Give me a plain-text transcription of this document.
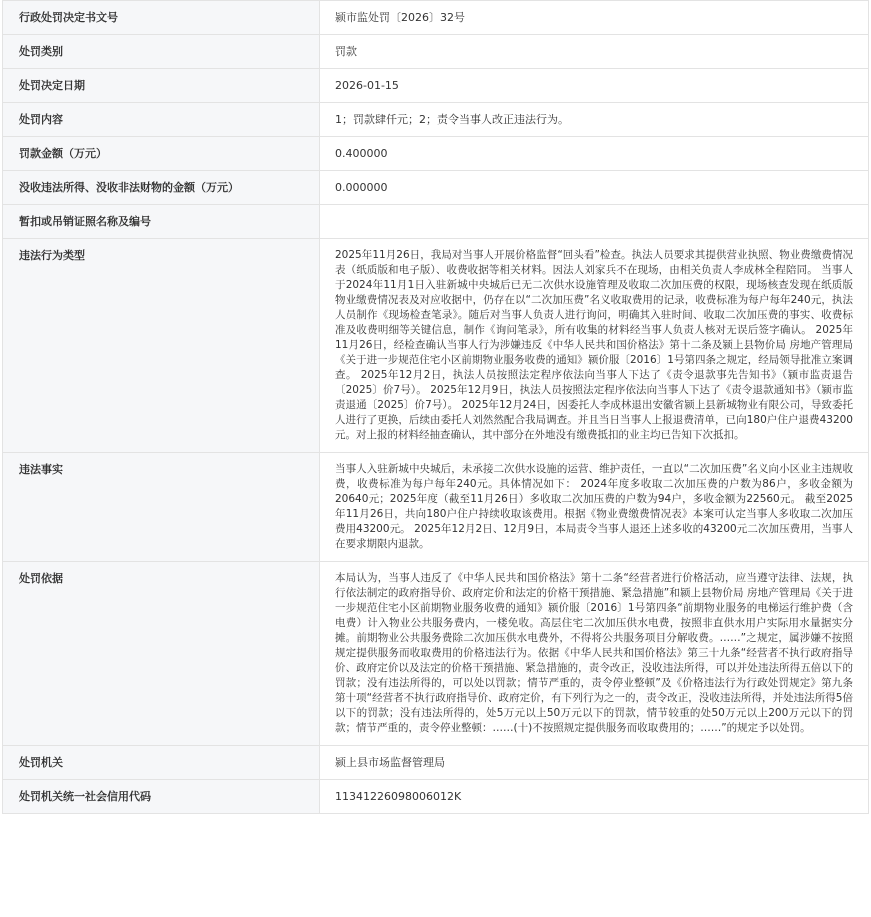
行政处罚决定书文号	颍市监处罚〔2026〕32号
处罚类别	罚款
处罚决定日期	2026-01-15
处罚内容	1；罚款肆仟元；2；责令当事人改正违法行为。
罚款金额（万元）	0.400000
没收违法所得、没收非法财物的金额（万元）	0.000000
暂扣或吊销证照名称及编号	
违法行为类型	2025年11月26日，我局对当事人开展价格监督“回头看”检查。执法人员要求其提供营业执照、物业费缴费情况表（纸质版和电子版）、收费收据等相关材料。因法人刘家兵不在现场，由相关负责人李成林全程陪同。 当事人于2024年11月1日入驻新城中央城后已无二次供水设施管理及收取二次加压费的权限，现场核查发现在纸质版物业缴费情况表及对应收据中，仍存在以“二次加压费”名义收取费用的记录，收费标准为每户每年240元，执法人员制作《现场检查笔录》。随后对当事人负责人进行询问，明确其入驻时间、收取二次加压费的事实、收费标准及收费明细等关键信息，制作《询问笔录》，所有收集的材料经当事人负责人核对无误后签字确认。 2025年11月26日，经检查确认当事人行为涉嫌违反《中华人民共和国价格法》第十二条及颍上县物价局 房地产管理局《关于进一步规范住宅小区前期物业服务收费的通知》颍价服〔2016〕1号第四条之规定，经局领导批准立案调查。 2025年12月2日，执法人员按照法定程序依法向当事人下达了《责令退款事先告知书》（颍市监责退告〔2025〕价7号）。 2025年12月9日，执法人员按照法定程序依法向当事人下达了《责令退款通知书》（颍市监责退通〔2025〕价7号）。 2025年12月24日，因委托人李成林退出安徽省颍上县新城物业有限公司，导致委托人进行了更换，后续由委托人刘然然配合我局调查。并且当日当事人上报退费清单，已向180户住户退费43200元。对上报的材料经抽查确认，其中部分在外地没有缴费抵扣的业主均已告知下次抵扣。
违法事实	当事人入驻新城中央城后，未承接二次供水设施的运营、维护责任，一直以“二次加压费”名义向小区业主违规收费，收费标准为每户每年240元。具体情况如下： 2024年度多收取二次加压费的户数为86户，多收金额为20640元；2025年度（截至11月26日）多收取二次加压费的户数为94户，多收金额为22560元。 截至2025年11月26日，共向180户住户持续收取该费用。根据《物业费缴费情况表》本案可认定当事人多收取二次加压费用43200元。 2025年12月2日、12月9日，本局责令当事人退还上述多收的43200元二次加压费用，当事人在要求期限内退款。
处罚依据	本局认为，当事人违反了《中华人民共和国价格法》第十二条“经营者进行价格活动，应当遵守法律、法规，执行依法制定的政府指导价、政府定价和法定的价格干预措施、紧急措施”和颍上县物价局 房地产管理局《关于进一步规范住宅小区前期物业服务收费的通知》颍价服〔2016〕1号第四条“前期物业服务的电梯运行维护费（含电费）计入物业公共服务费内，一楼免收。高层住宅二次加压供水电费，按照非直供水用户实际用水量据实分摊。前期物业公共服务费除二次加压供水电费外，不得将公共服务项目分解收费。……”之规定，属涉嫌不按照规定提供服务而收取费用的价格违法行为。依据《中华人民共和国价格法》第三十九条“经营者不执行政府指导价、政府定价以及法定的价格干预措施、紧急措施的，责令改正，没收违法所得，可以并处违法所得五倍以下的罚款；没有违法所得的，可以处以罚款；情节严重的，责令停业整顿”及《价格违法行为行政处罚规定》第九条第十项“经营者不执行政府指导价、政府定价，有下列行为之一的，责令改正，没收违法所得，并处违法所得5倍以下的罚款；没有违法所得的，处5万元以上50万元以下的罚款，情节较重的处50万元以上200万元以下的罚款；情节严重的，责令停业整顿：……(十)不按照规定提供服务而收取费用的；……”的规定予以处罚。
处罚机关	颍上县市场监督管理局
处罚机关统一社会信用代码	11341226098006012K
